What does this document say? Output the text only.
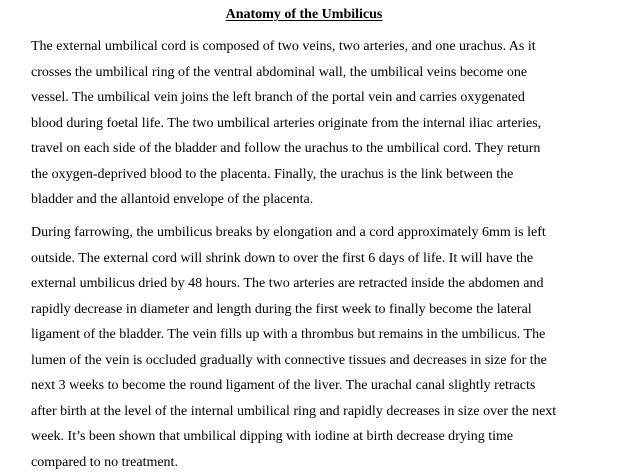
Anatomy of the Umbilicus
The external umbilical cord is composed of two veins, two arteries, and one urachus. As it
crosses the umbilical ring of the ventral abdominal wall, the umbilical veins become one
vessel. The umbilical vein joins the left branch of the portal vein and carries oxygenated
blood during foetal life. The two umbilical arteries originate from the internal iliac arteries,
travel on each side of the bladder and follow the urachus to the umbilical cord. They return
the oxygen-deprived blood to the placenta. Finally, the urachus is the link between the
bladder and the allantoid envelope of the placenta.
During farrowing, the umbilicus breaks by elongation and a cord approximately 6mm is left
outside. The external cord will shrink down to over the first 6 days of life. It will have the
external umbilicus dried by 48 hours. The two arteries are retracted inside the abdomen and
rapidly decrease in diameter and length during the first week to finally become the lateral
ligament of the bladder. The vein fills up with a thrombus but remains in the umbilicus. The
lumen of the vein is occluded gradually with connective tissues and decreases in size for the
next 3 weeks to become the round ligament of the liver. The urachal canal slightly retracts
after birth at the level of the internal umbilical ring and rapidly decreases in size over the next
week. It’s been shown that umbilical dipping with iodine at birth decrease drying time
compared to no treatment.
